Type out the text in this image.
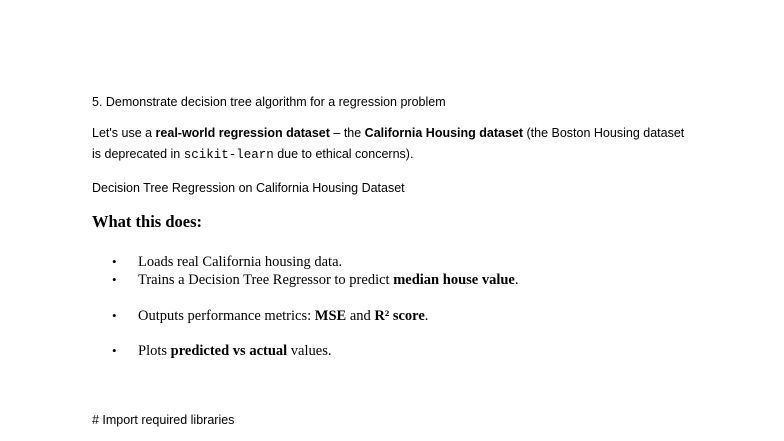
5. Demonstrate decision tree algorithm for a regression problem
Let's use a real-world regression dataset – the California Housing dataset (the Boston Housing dataset
is deprecated in scikit-learn due to ethical concerns).
Decision Tree Regression on California Housing Dataset
What this does:
• Loads real California housing data.
• Trains a Decision Tree Regressor to predict median house value.
• Outputs performance metrics: MSE and R² score.
• Plots predicted vs actual values.
# Import required libraries
